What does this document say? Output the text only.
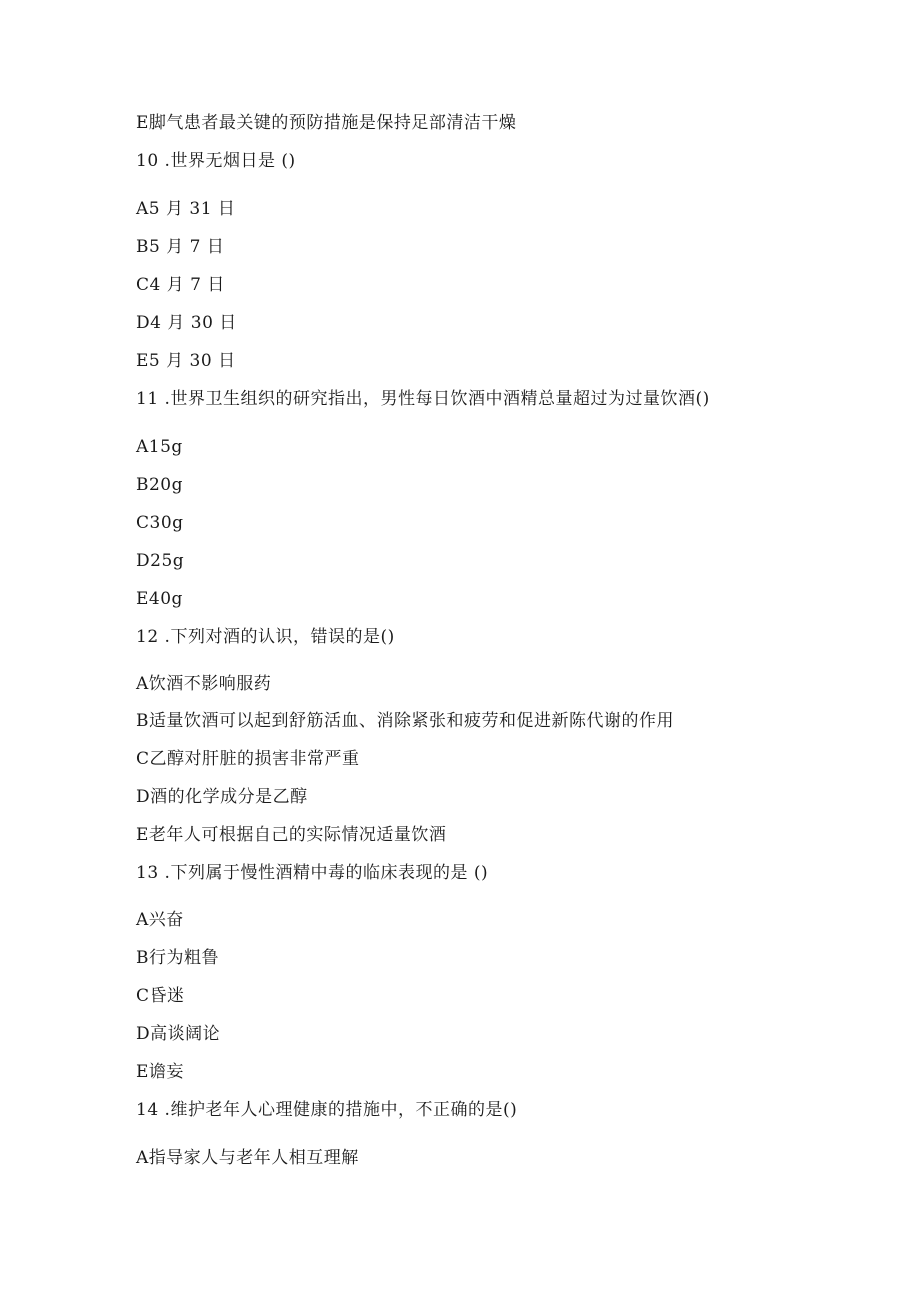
E脚气患者最关键的预防措施是保持足部清洁干燥
10 .世界无烟日是 ()
A5 月 31 日
B5 月 7 日
C4 月 7 日
D4 月 30 日
E5 月 30 日
11 .世界卫生组织的研究指出，男性每日饮酒中酒精总量超过为过量饮酒()
A15g
B20g
C30g
D25g
E40g
12 .下列对酒的认识，错误的是()
A饮酒不影响服药
B适量饮酒可以起到舒筋活血、消除紧张和疲劳和促进新陈代谢的作用
C乙醇对肝脏的损害非常严重
D酒的化学成分是乙醇
E老年人可根据自己的实际情况适量饮酒
13 .下列属于慢性酒精中毒的临床表现的是 ()
A兴奋
B行为粗鲁
C昏迷
D高谈阔论
E谵妄
14 .维护老年人心理健康的措施中，不正确的是()
A指导家人与老年人相互理解
